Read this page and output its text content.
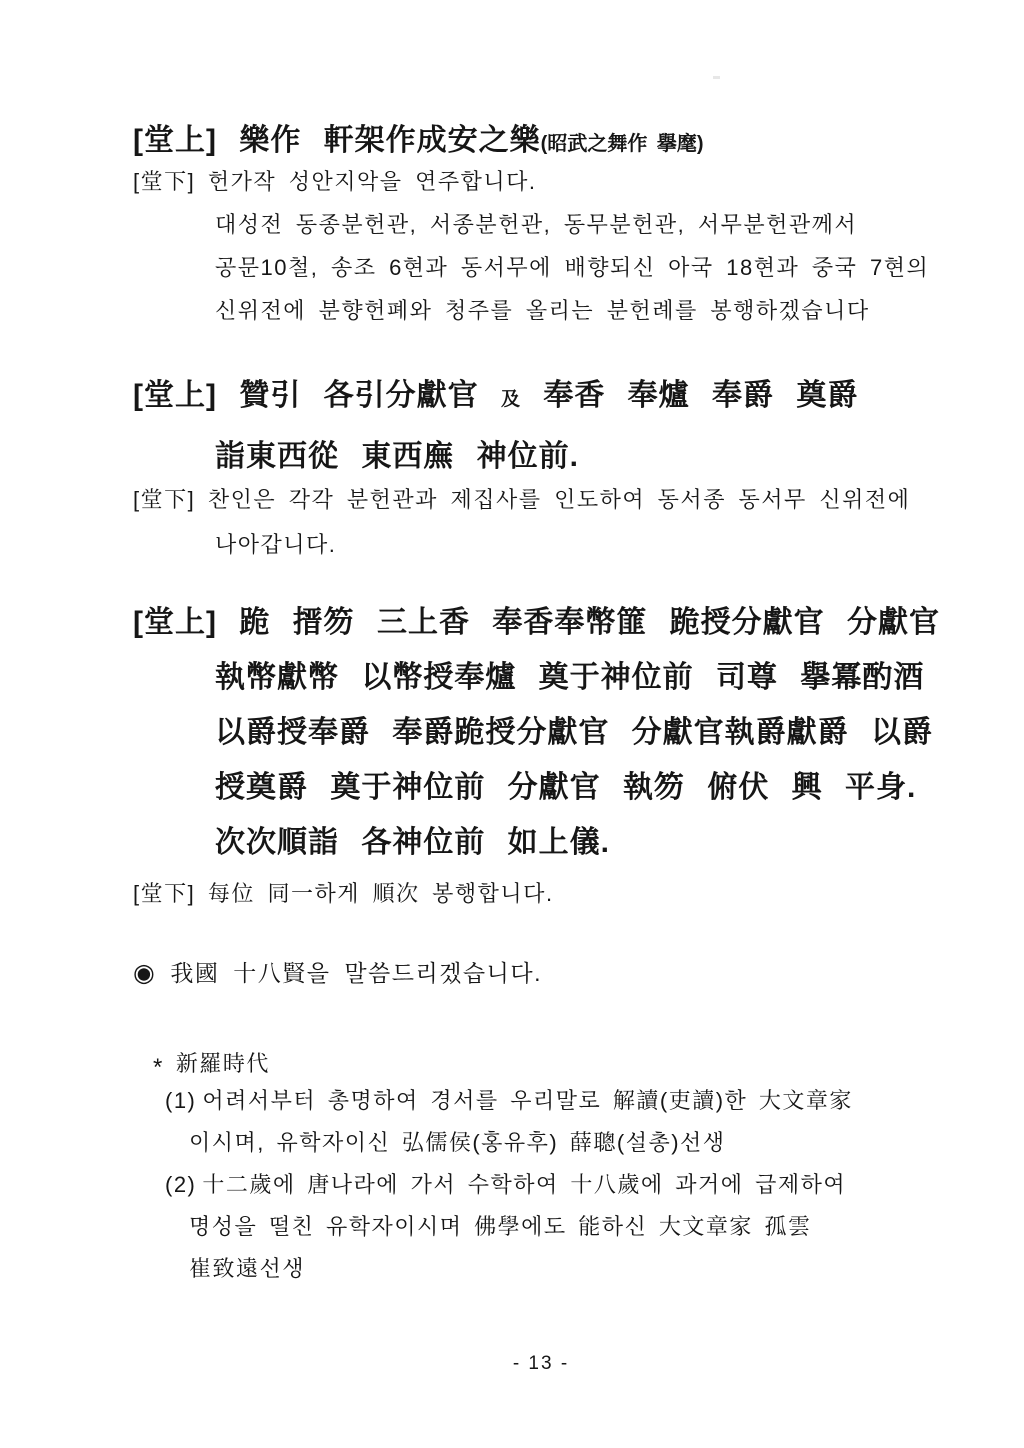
[堂上] 樂作 軒架作成安之樂(昭武之舞作 擧麾)
[堂下] 헌가작 성안지악을 연주합니다.
대성전 동종분헌관, 서종분헌관, 동무분헌관, 서무분헌관께서
공문10철, 송조 6현과 동서무에 배향되신 아국 18현과 중국 7현의
신위전에 분향헌폐와 청주를 올리는 분헌례를 봉행하겠습니다
[堂上] 贊引 各引分獻官 及 奉香 奉爐 奉爵 奠爵
詣東西從 東西廡 神位前.
[堂下] 찬인은 각각 분헌관과 제집사를 인도하여 동서종 동서무 신위전에
나아갑니다.
[堂上] 跪 搢笏 三上香 奉香奉幣篚 跪授分獻官 分獻官
執幣獻幣 以幣授奉爐 奠于神位前 司尊 擧冪酌酒
以爵授奉爵 奉爵跪授分獻官 分獻官執爵獻爵 以爵
授奠爵 奠于神位前 分獻官 執笏 俯伏 興 平身.
次次順詣 各神位前 如上儀.
[堂下] 每位 同一하게 順次 봉행합니다.
◉ 我國 十八賢을 말씀드리겠습니다.
* 新羅時代
(1) 어려서부터 총명하여 경서를 우리말로 解讀(吏讀)한 大文章家
이시며, 유학자이신 弘儒侯(홍유후) 薛聰(설총)선생
(2) 十二歲에 唐나라에 가서 수학하여 十八歲에 과거에 급제하여
명성을 떨친 유학자이시며 佛學에도 能하신 大文章家 孤雲
崔致遠선생
- 13 -
